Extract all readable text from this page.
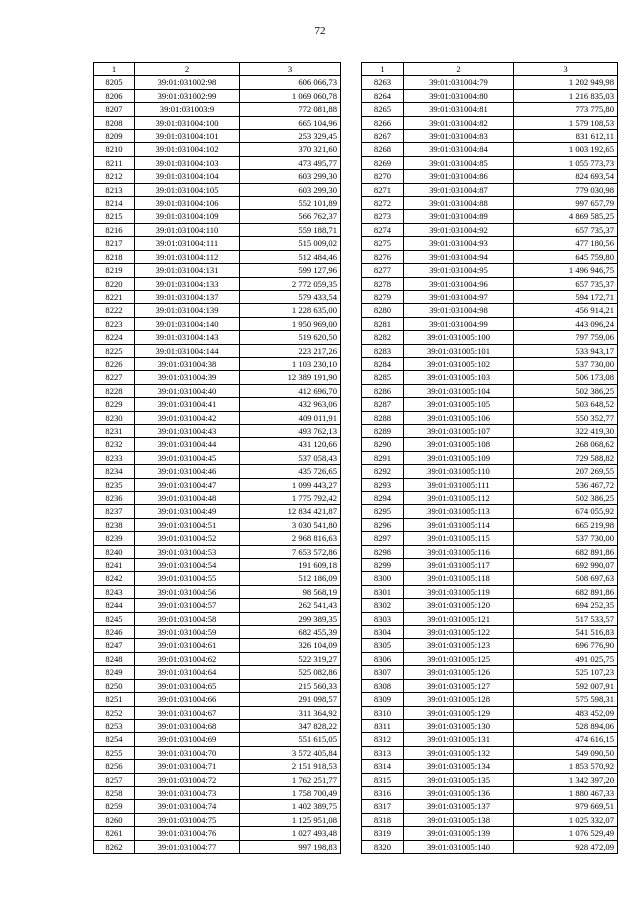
72
1	2	3
8205	39:01:031002:98	606 066,73
8206	39:01:031002:99	1 069 060,78
8207	39:01:031003:9	772 081,88
8208	39:01:031004:100	665 104,96
8209	39:01:031004:101	253 329,45
8210	39:01:031004:102	370 321,60
8211	39:01:031004:103	473 495,77
8212	39:01:031004:104	603 299,30
8213	39:01:031004:105	603 299,30
8214	39:01:031004:106	552 101,89
8215	39:01:031004:109	566 762,37
8216	39:01:031004:110	559 188,71
8217	39:01:031004:111	515 009,02
8218	39:01:031004:112	512 484,46
8219	39:01:031004:131	599 127,96
8220	39:01:031004:133	2 772 059,35
8221	39:01:031004:137	579 433,54
8222	39:01:031004:139	1 228 635,00
8223	39:01:031004:140	1 950 969,00
8224	39:01:031004:143	519 620,50
8225	39:01:031004:144	223 217,26
8226	39:01:031004:38	1 103 230,10
8227	39:01:031004:39	12 389 191,90
8228	39:01:031004:40	412 696,70
8229	39:01:031004:41	432 963,06
8230	39:01:031004:42	409 011,91
8231	39:01:031004:43	493 762,13
8232	39:01:031004:44	431 120,66
8233	39:01:031004:45	537 058,43
8234	39:01:031004:46	435 726,65
8235	39:01:031004:47	1 099 443,27
8236	39:01:031004:48	1 775 792,42
8237	39:01:031004:49	12 834 421,87
8238	39:01:031004:51	3 030 541,80
8239	39:01:031004:52	2 968 816,63
8240	39:01:031004:53	7 653 572,86
8241	39:01:031004:54	191 609,18
8242	39:01:031004:55	512 186,09
8243	39:01:031004:56	98 568,19
8244	39:01:031004:57	262 541,43
8245	39:01:031004:58	299 389,35
8246	39:01:031004:59	682 455,39
8247	39:01:031004:61	326 104,09
8248	39:01:031004:62	522 319,27
8249	39:01:031004:64	525 082,86
8250	39:01:031004:65	215 560,33
8251	39:01:031004:66	291 098,57
8252	39:01:031004:67	311 364,92
8253	39:01:031004:68	347 828,22
8254	39:01:031004:69	551 615,05
8255	39:01:031004:70	3 572 405,84
8256	39:01:031004:71	2 151 918,53
8257	39:01:031004:72	1 762 251,77
8258	39:01:031004:73	1 758 700,49
8259	39:01:031004:74	1 402 389,75
8260	39:01:031004:75	1 125 951,08
8261	39:01:031004:76	1 027 493,48
8262	39:01:031004:77	997 198,83
1	2	3
8263	39:01:031004:79	1 202 949,98
8264	39:01:031004:80	1 216 835,03
8265	39:01:031004:81	773 775,80
8266	39:01:031004:82	1 579 108,53
8267	39:01:031004:83	831 612,11
8268	39:01:031004:84	1 003 192,65
8269	39:01:031004:85	1 055 773,73
8270	39:01:031004:86	824 693,54
8271	39:01:031004:87	779 030,98
8272	39:01:031004:88	997 657,79
8273	39:01:031004:89	4 869 585,25
8274	39:01:031004:92	657 735,37
8275	39:01:031004:93	477 180,56
8276	39:01:031004:94	645 759,80
8277	39:01:031004:95	1 496 946,75
8278	39:01:031004:96	657 735,37
8279	39:01:031004:97	594 172,71
8280	39:01:031004:98	456 914,21
8281	39:01:031004:99	443 096,24
8282	39:01:031005:100	797 759,06
8283	39:01:031005:101	533 943,17
8284	39:01:031005:102	537 730,00
8285	39:01:031005:103	506 173,08
8286	39:01:031005:104	502 386,25
8287	39:01:031005:105	503 648,52
8288	39:01:031005:106	550 352,77
8289	39:01:031005:107	322 419,30
8290	39:01:031005:108	268 068,62
8291	39:01:031005:109	729 588,82
8292	39:01:031005:110	207 269,55
8293	39:01:031005:111	536 467,72
8294	39:01:031005:112	502 386,25
8295	39:01:031005:113	674 055,92
8296	39:01:031005:114	665 219,98
8297	39:01:031005:115	537 730,00
8298	39:01:031005:116	682 891,86
8299	39:01:031005:117	692 990,07
8300	39:01:031005:118	508 697,63
8301	39:01:031005:119	682 891,86
8302	39:01:031005:120	694 252,35
8303	39:01:031005:121	517 533,57
8304	39:01:031005:122	541 516,83
8305	39:01:031005:123	696 776,90
8306	39:01:031005:125	491 025,75
8307	39:01:031005:126	525 107,23
8308	39:01:031005:127	592 007,91
8309	39:01:031005:128	575 598,31
8310	39:01:031005:129	483 452,09
8311	39:01:031005:130	528 894,06
8312	39:01:031005:131	474 616,15
8313	39:01:031005:132	549 090,50
8314	39:01:031005:134	1 853 570,92
8315	39:01:031005:135	1 342 397,20
8316	39:01:031005:136	1 880 467,33
8317	39:01:031005:137	979 669,51
8318	39:01:031005:138	1 025 332,07
8319	39:01:031005:139	1 076 529,49
8320	39:01:031005:140	928 472,09
